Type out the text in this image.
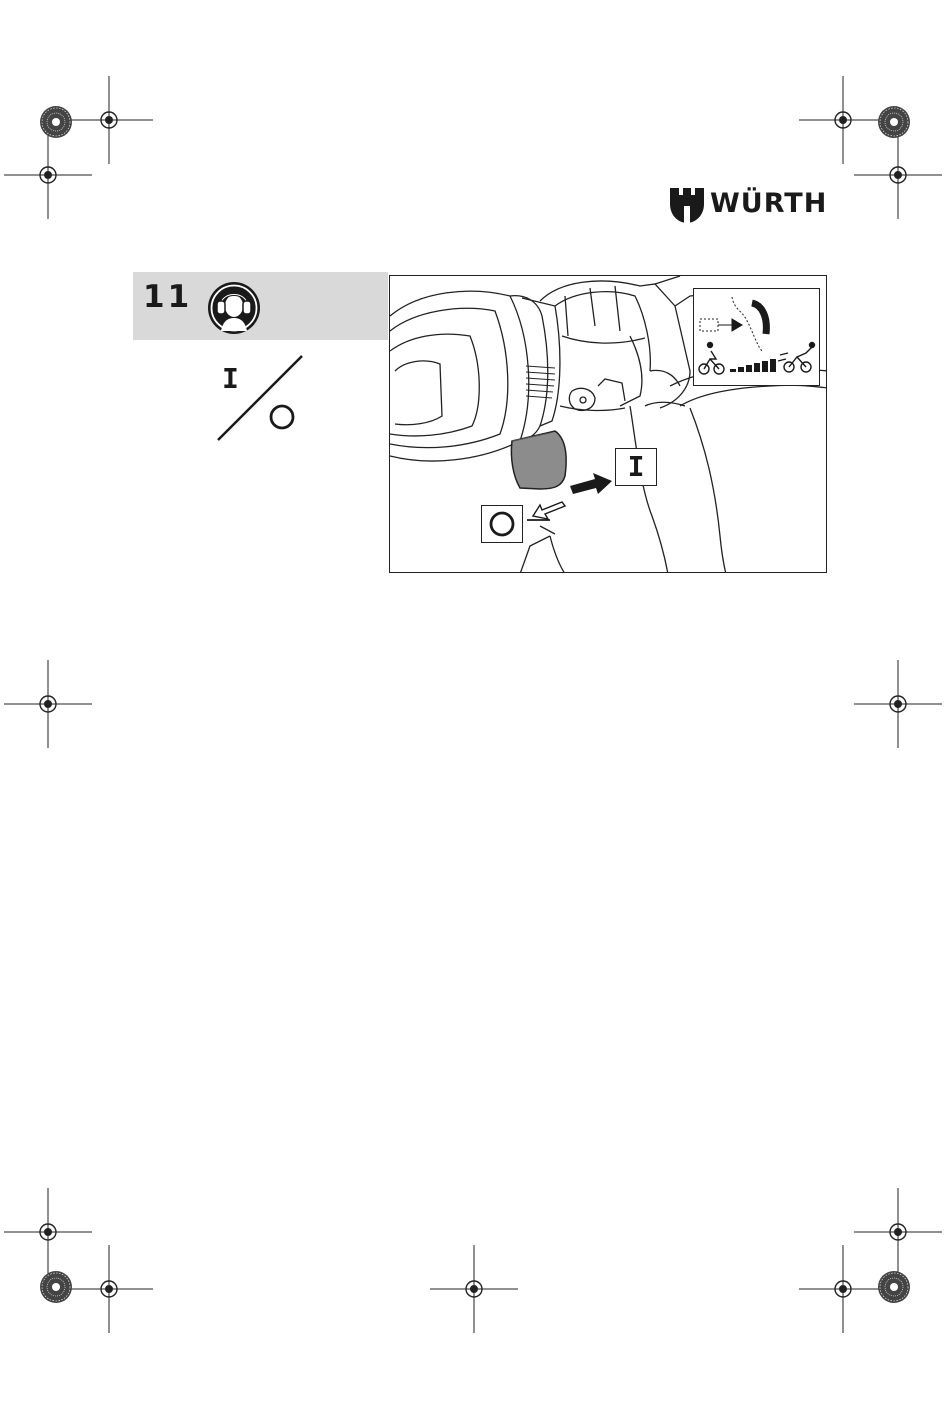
WÜRTH
11
I
I
